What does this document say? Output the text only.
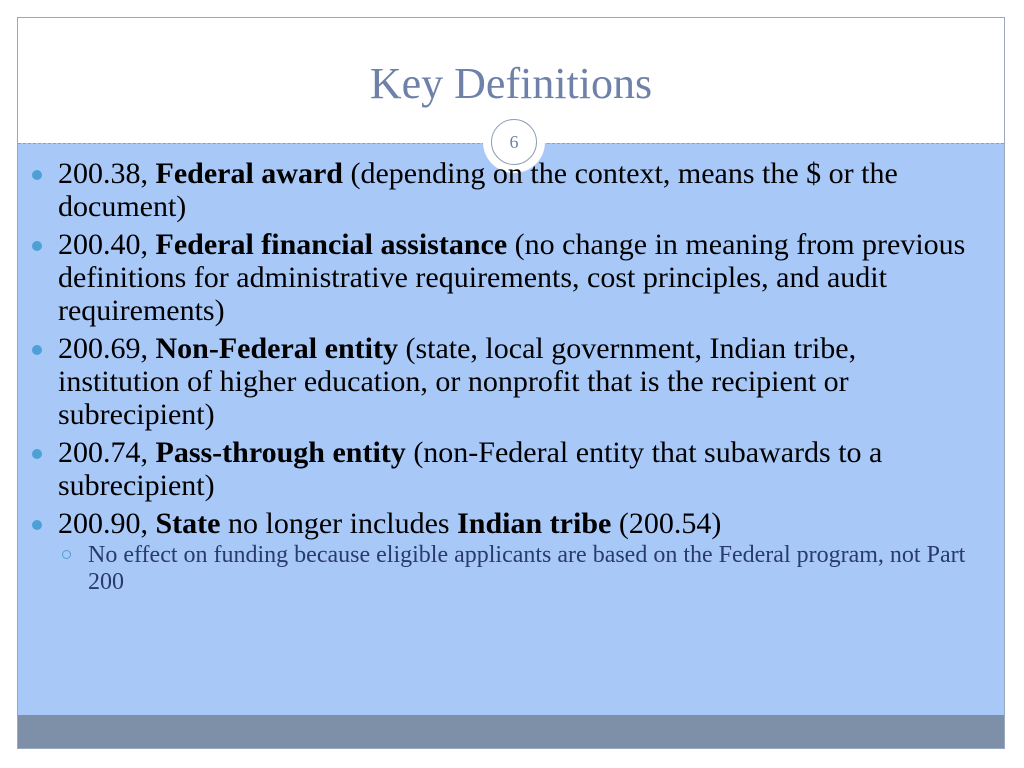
Key Definitions
6
200.38, Federal award (depending on the context, means the $ or the document)
200.40, Federal financial assistance (no change in meaning from previous definitions for administrative requirements, cost principles, and audit requirements)
200.69, Non-Federal entity (state, local government, Indian tribe, institution of higher education, or nonprofit that is the recipient or subrecipient)
200.74, Pass-through entity (non-Federal entity that subawards to a subrecipient)
200.90, State no longer includes Indian tribe (200.54)
No effect on funding because eligible applicants are based on the Federal program, not Part 200
